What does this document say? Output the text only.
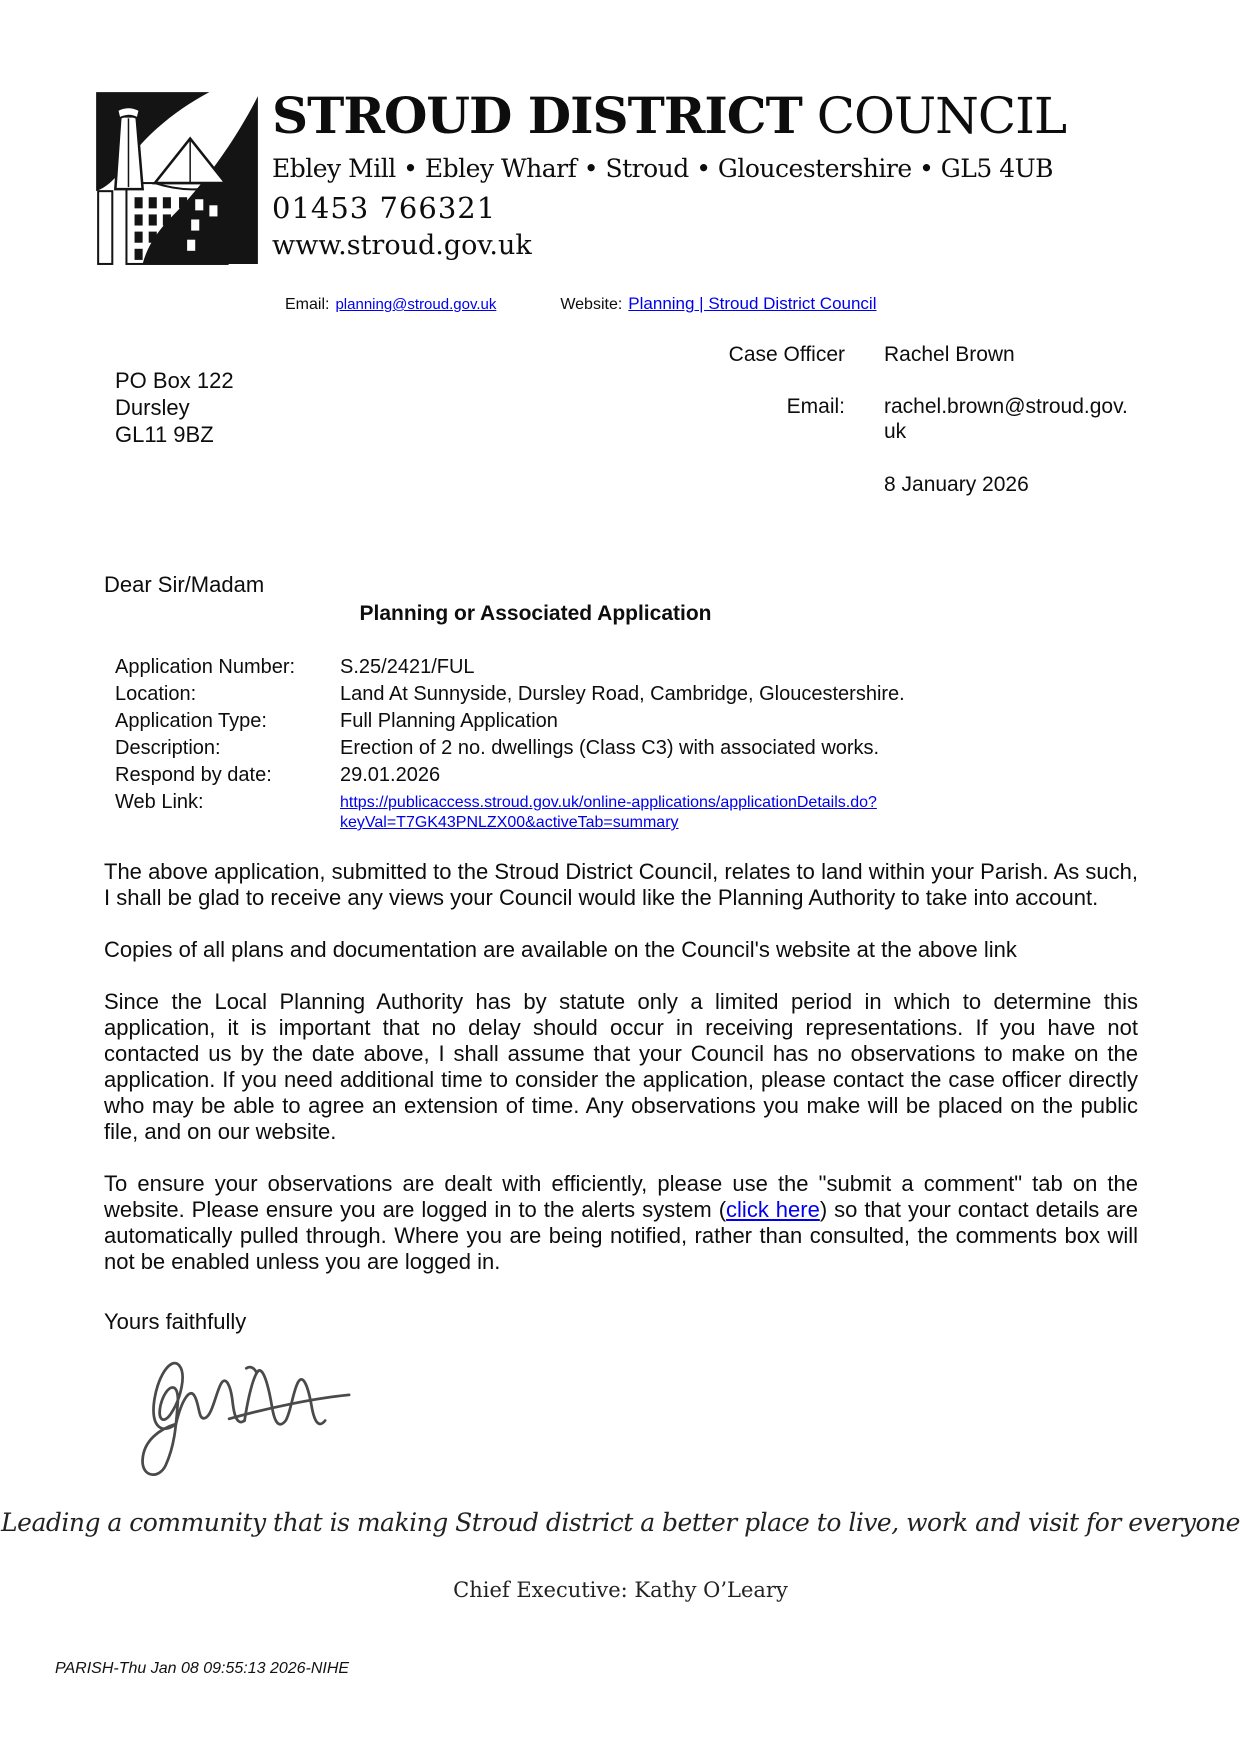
STROUD DISTRICT COUNCIL
Ebley Mill • Ebley Wharf • Stroud • Gloucestershire • GL5 4UB
01453 766321
www.stroud.gov.uk
Email: planning@stroud.gov.uk	Website: Planning | Stroud District Council
PO Box 122
Dursley
GL11 9BZ
Case Officer Rachel Brown
Email: rachel.brown@stroud.gov.uk
8 January 2026
Dear Sir/Madam
Planning or Associated Application
Application Number:	S.25/2421/FUL
Location:	Land At Sunnyside, Dursley Road, Cambridge, Gloucestershire.
Application Type:	Full Planning Application
Description:	Erection of 2 no. dwellings (Class C3) with associated works.
Respond by date:	29.01.2026
Web Link:	https://publicaccess.stroud.gov.uk/online-applications/applicationDetails.do?keyVal=T7GK43PNLZX00&activeTab=summary

The above application, submitted to the Stroud District Council, relates to land within your Parish. As such, I shall be glad to receive any views your Council would like the Planning Authority to take into account.

Copies of all plans and documentation are available on the Council's website at the above link

Since the Local Planning Authority has by statute only a limited period in which to determine this application, it is important that no delay should occur in receiving representations. If you have not contacted us by the date above, I shall assume that your Council has no observations to make on the application. If you need additional time to consider the application, please contact the case officer directly who may be able to agree an extension of time. Any observations you make will be placed on the public file, and on our website.

To ensure your observations are dealt with efficiently, please use the "submit a comment" tab on the website. Please ensure you are logged in to the alerts system (click here) so that your contact details are automatically pulled through. Where you are being notified, rather than consulted, the comments box will not be enabled unless you are logged in.

Yours faithfully
Leading a community that is making Stroud district a better place to live, work and visit for everyone
Chief Executive: Kathy O’Leary
PARISH-Thu Jan 08 09:55:13 2026-NIHE
